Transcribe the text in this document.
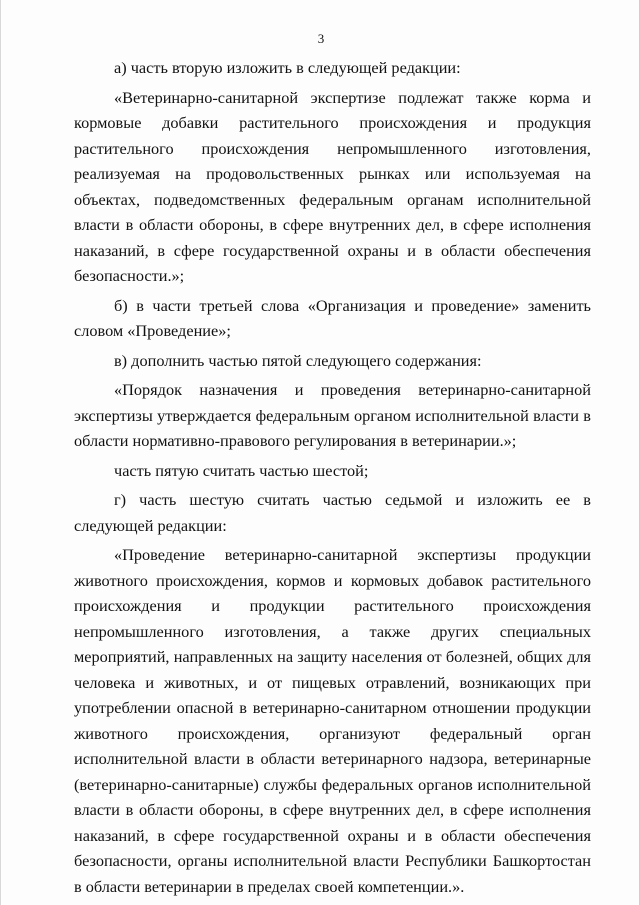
3

а) часть вторую изложить в следующей редакции:

«Ветеринарно-санитарной экспертизе подлежат также корма и кормовые добавки растительного происхождения и продукция растительного происхождения непромышленного изготовления, реализуемая на продовольственных рынках или используемая на объектах, подведомственных федеральным органам исполнительной власти в области обороны, в сфере внутренних дел, в сфере исполнения наказаний, в сфере государственной охраны и в области обеспечения безопасности.»;

б) в части третьей слова «Организация и проведение» заменить словом «Проведение»;

в) дополнить частью пятой следующего содержания:

«Порядок назначения и проведения ветеринарно-санитарной экспертизы утверждается федеральным органом исполнительной власти в области нормативно-правового регулирования в ветеринарии.»;

часть пятую считать частью шестой;

г) часть шестую считать частью седьмой и изложить ее в следующей редакции:

«Проведение ветеринарно-санитарной экспертизы продукции животного происхождения, кормов и кормовых добавок растительного происхождения и продукции растительного происхождения непромышленного изготовления, а также других специальных мероприятий, направленных на защиту населения от болезней, общих для человека и животных, и от пищевых отравлений, возникающих при употреблении опасной в ветеринарно-санитарном отношении продукции животного происхождения, организуют федеральный орган исполнительной власти в области ветеринарного надзора, ветеринарные (ветеринарно-санитарные) службы федеральных органов исполнительной власти в области обороны, в сфере внутренних дел, в сфере исполнения наказаний, в сфере государственной охраны и в области обеспечения безопасности, органы исполнительной власти Республики Башкортостан в области ветеринарии в пределах своей компетенции.».
